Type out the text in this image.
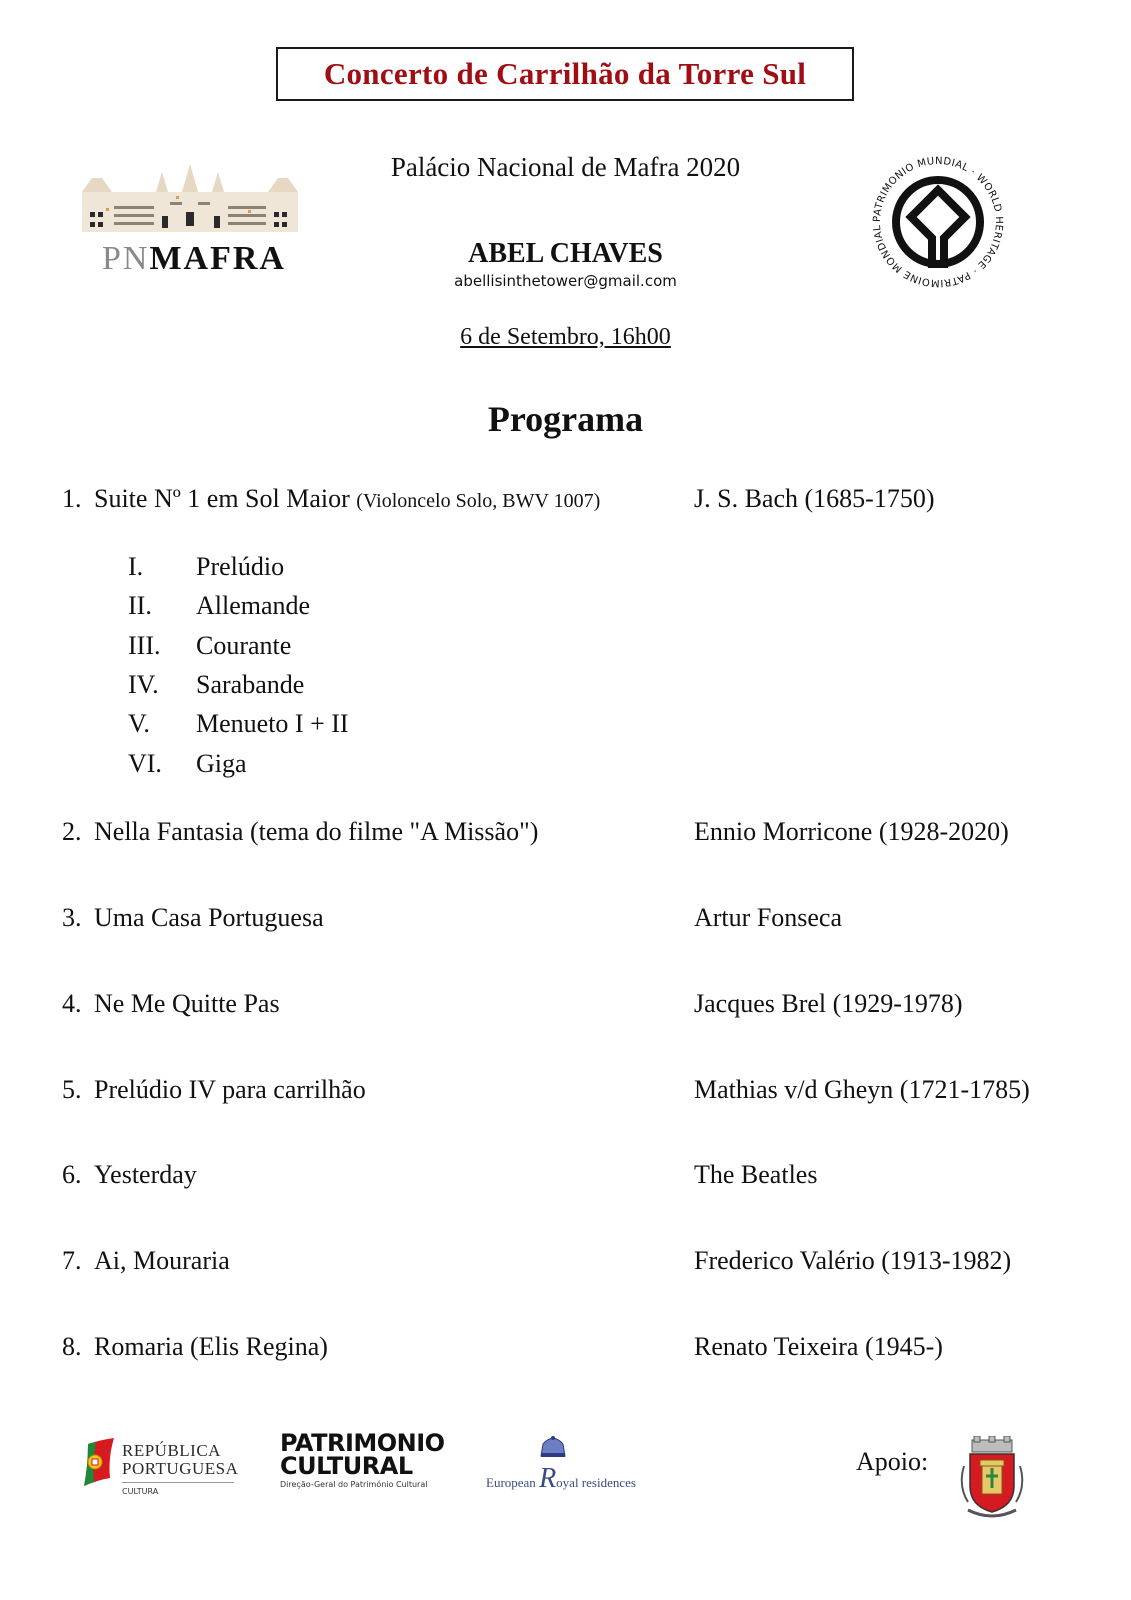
Concerto de Carrilhão da Torre Sul
PNMAFRA
PATRIMONIO MUNDIAL · WORLD HERITAGE · PATRIMOINE MONDIAL
Palácio Nacional de Mafra 2020
ABEL CHAVES
abellisinthetower@gmail.com
6 de Setembro, 16h00
Programa
1. Suite Nº 1 em Sol Maior (Violoncelo Solo, BWV 1007)	J. S. Bach (1685-1750)
I. Prelúdio
II. Allemande
III. Courante
IV. Sarabande
V. Menueto I + II
VI. Giga
2. Nella Fantasia (tema do filme "A Missão")	Ennio Morricone (1928-2020)
3. Uma Casa Portuguesa	Artur Fonseca
4. Ne Me Quitte Pas	Jacques Brel (1929-1978)
5. Prelúdio IV para carrilhão	Mathias v/d Gheyn (1721-1785)
6. Yesterday	The Beatles
7. Ai, Mouraria	Frederico Valério (1913-1982)
8. Romaria (Elis Regina)	Renato Teixeira (1945-)
REPÚBLICA
PORTUGUESA
CULTURA
PATRIMONIO
CULTURAL
Direção-Geral do Património Cultural	European Royal residences
Apoio:
